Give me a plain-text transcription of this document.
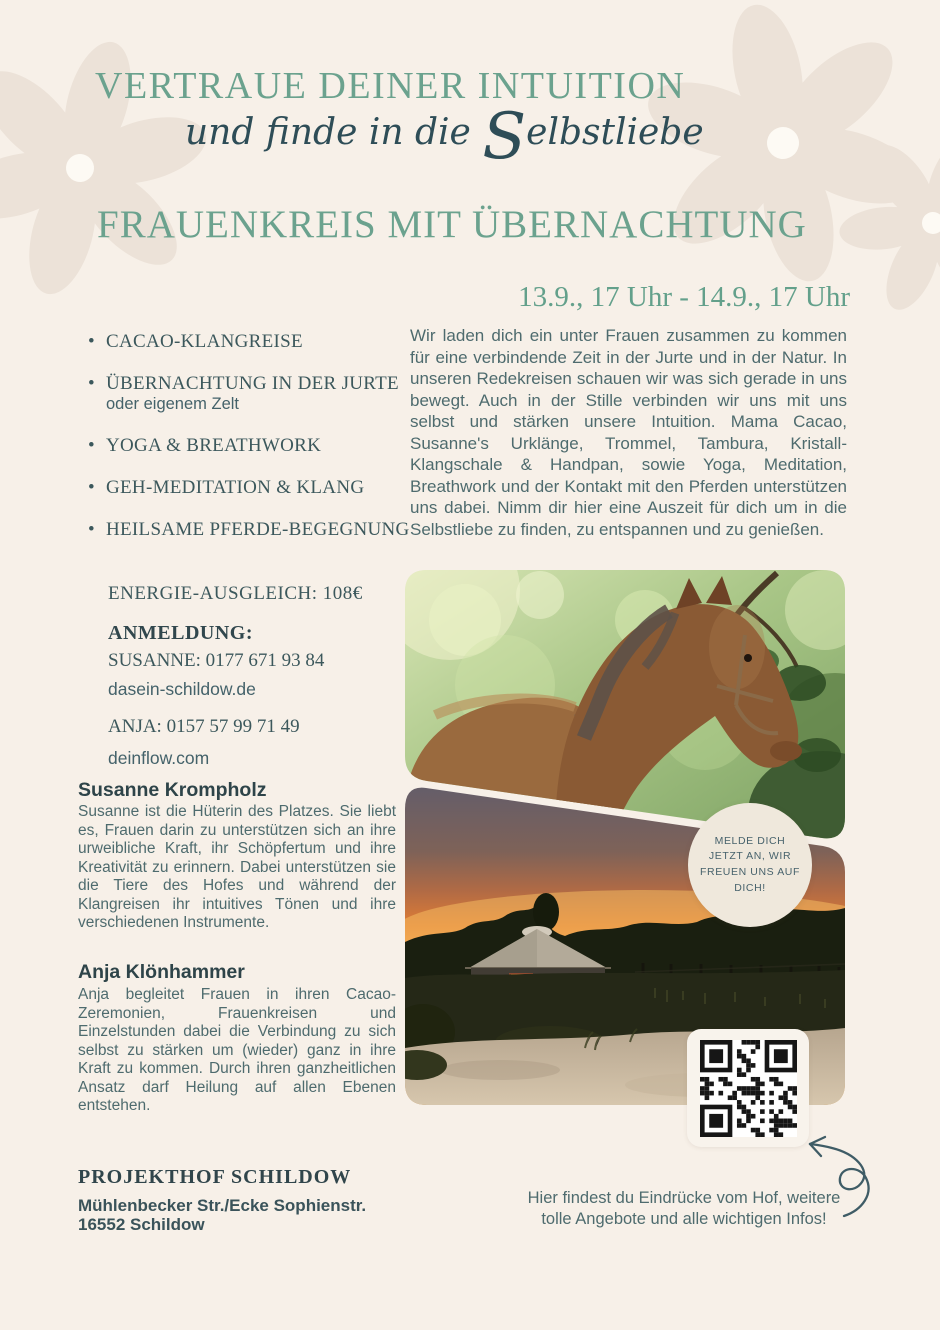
VERTRAUE DEINER INTUITION
und finde in die Selbstliebe
FRAUENKREIS MIT ÜBERNACHTUNG
13.9., 17 Uhr - 14.9., 17 Uhr
• CACAO-KLANGREISE
• ÜBERNACHTUNG IN DER JURTE
oder eigenem Zelt
• YOGA & BREATHWORK
• GEH-MEDITATION & KLANG
• HEILSAME PFERDE-BEGEGNUNG
Wir laden dich ein unter Frauen zusammen zu kommen für eine verbindende Zeit in der Jurte und in der Natur. In unseren Redekreisen schauen wir was sich gerade in uns bewegt. Auch in der Stille verbinden wir uns mit uns selbst und stärken unsere Intuition. Mama Cacao, Susanne's Urklänge, Trommel, Tambura, Kristall-Klangschale & Handpan, sowie Yoga, Meditation, Breathwork und der Kontakt mit den Pferden unterstützen uns dabei. Nimm dir hier eine Auszeit für dich um in die Selbstliebe zu finden, zu entspannen und zu genießen.
ENERGIE-AUSGLEICH: 108€
ANMELDUNG:
SUSANNE: 0177 671 93 84
dasein-schildow.de
ANJA: 0157 57 99 71 49
deinflow.com
Susanne Krompholz
Susanne ist die Hüterin des Platzes. Sie liebt es, Frauen darin zu unterstützen sich an ihre urweibliche Kraft, ihr Schöpfertum und ihre Kreativität zu erinnern. Dabei unterstützen sie die Tiere des Hofes und während der Klangreisen ihr intuitives Tönen und ihre verschiedenen Instrumente.
Anja Klönhammer
Anja begleitet Frauen in ihren Cacao-Zeremonien, Frauenkreisen und Einzelstunden dabei die Verbindung zu sich selbst zu stärken um (wieder) ganz in ihre Kraft zu kommen. Durch ihren ganzheitlichen Ansatz darf Heilung auf allen Ebenen entstehen.
MELDE DICH JETZT AN, WIR FREUEN UNS AUF DICH!
PROJEKTHOF SCHILDOW
Mühlenbecker Str./Ecke Sophienstr.
16552 Schildow
Hier findest du Eindrücke vom Hof, weitere
tolle Angebote und alle wichtigen Infos!
